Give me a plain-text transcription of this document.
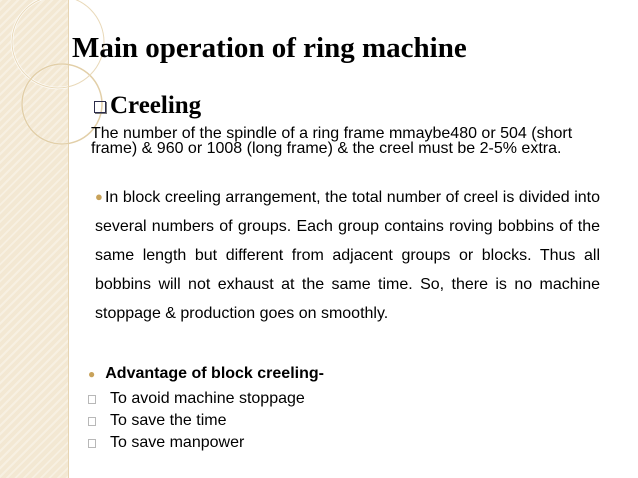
Main operation of ring machine
Creeling
The number of the spindle of a ring frame mmaybe480 or 504 (short frame) & 960 or 1008 (long frame) & the creel must be 2-5% extra.
● In block creeling arrangement, the total number of creel is divided into several numbers of groups. Each group contains roving bobbins of the same length but different from adjacent groups or blocks. Thus all bobbins will not exhaust at the same time. So, there is no machine stoppage & production goes on smoothly.
● Advantage of block creeling-
To avoid machine stoppage
To save the time
To save manpower
